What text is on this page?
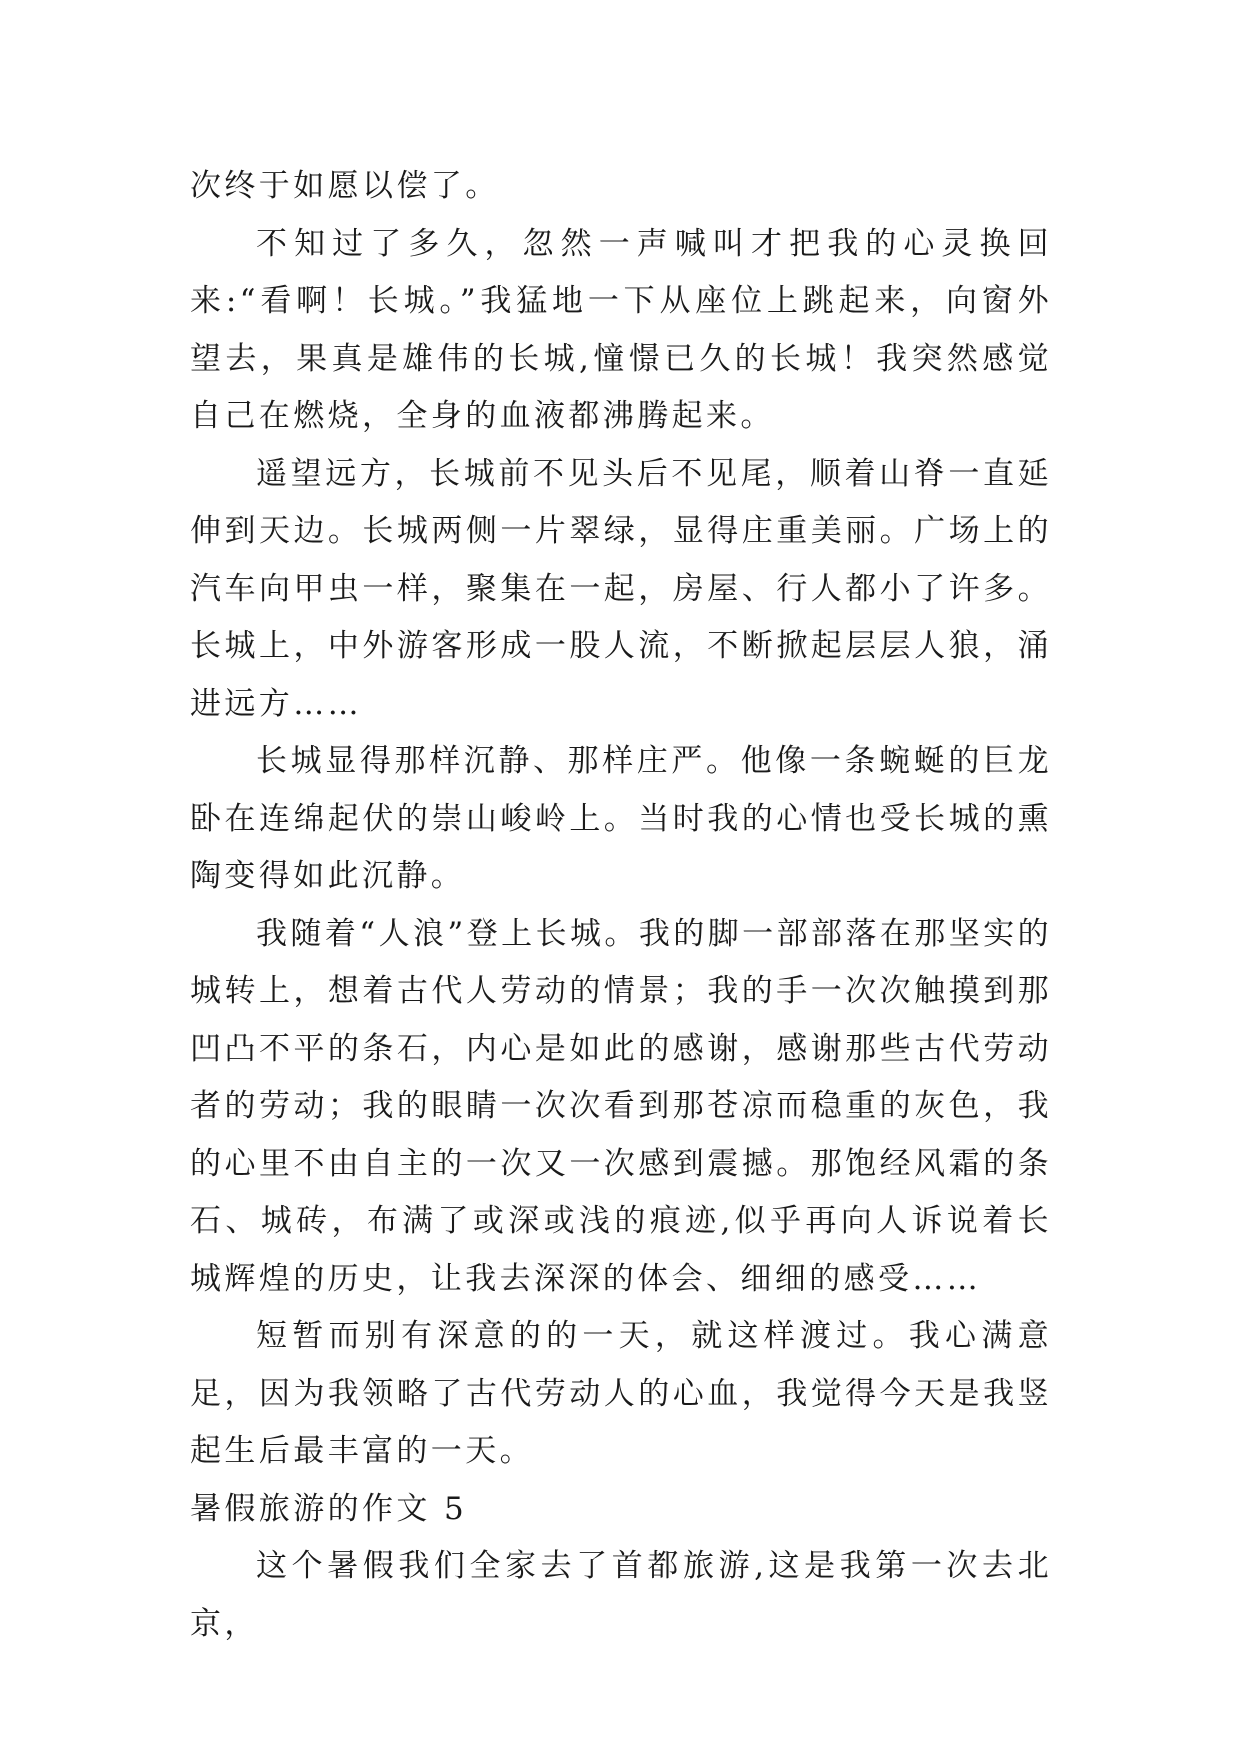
次终于如愿以偿了。

不知过了多久，忽然一声喊叫才把我的心灵换回来:“看啊！长城。”我猛地一下从座位上跳起来，向窗外望去，果真是雄伟的长城,憧憬已久的长城！我突然感觉自己在燃烧，全身的血液都沸腾起来。

遥望远方，长城前不见头后不见尾，顺着山脊一直延伸到天边。长城两侧一片翠绿，显得庄重美丽。广场上的汽车向甲虫一样，聚集在一起，房屋、行人都小了许多。长城上，中外游客形成一股人流，不断掀起层层人狼，涌进远方……

长城显得那样沉静、那样庄严。他像一条蜿蜒的巨龙卧在连绵起伏的崇山峻岭上。当时我的心情也受长城的熏陶变得如此沉静。

我随着“人浪”登上长城。我的脚一部部落在那坚实的城转上，想着古代人劳动的情景；我的手一次次触摸到那凹凸不平的条石，内心是如此的感谢，感谢那些古代劳动者的劳动；我的眼睛一次次看到那苍凉而稳重的灰色，我的心里不由自主的一次又一次感到震撼。那饱经风霜的条石、城砖，布满了或深或浅的痕迹,似乎再向人诉说着长城辉煌的历史，让我去深深的体会、细细的感受……

短暂而别有深意的的一天，就这样渡过。我心满意足，因为我领略了古代劳动人的心血，我觉得今天是我竖起生后最丰富的一天。

暑假旅游的作文 5

这个暑假我们全家去了首都旅游,这是我第一次去北京，
